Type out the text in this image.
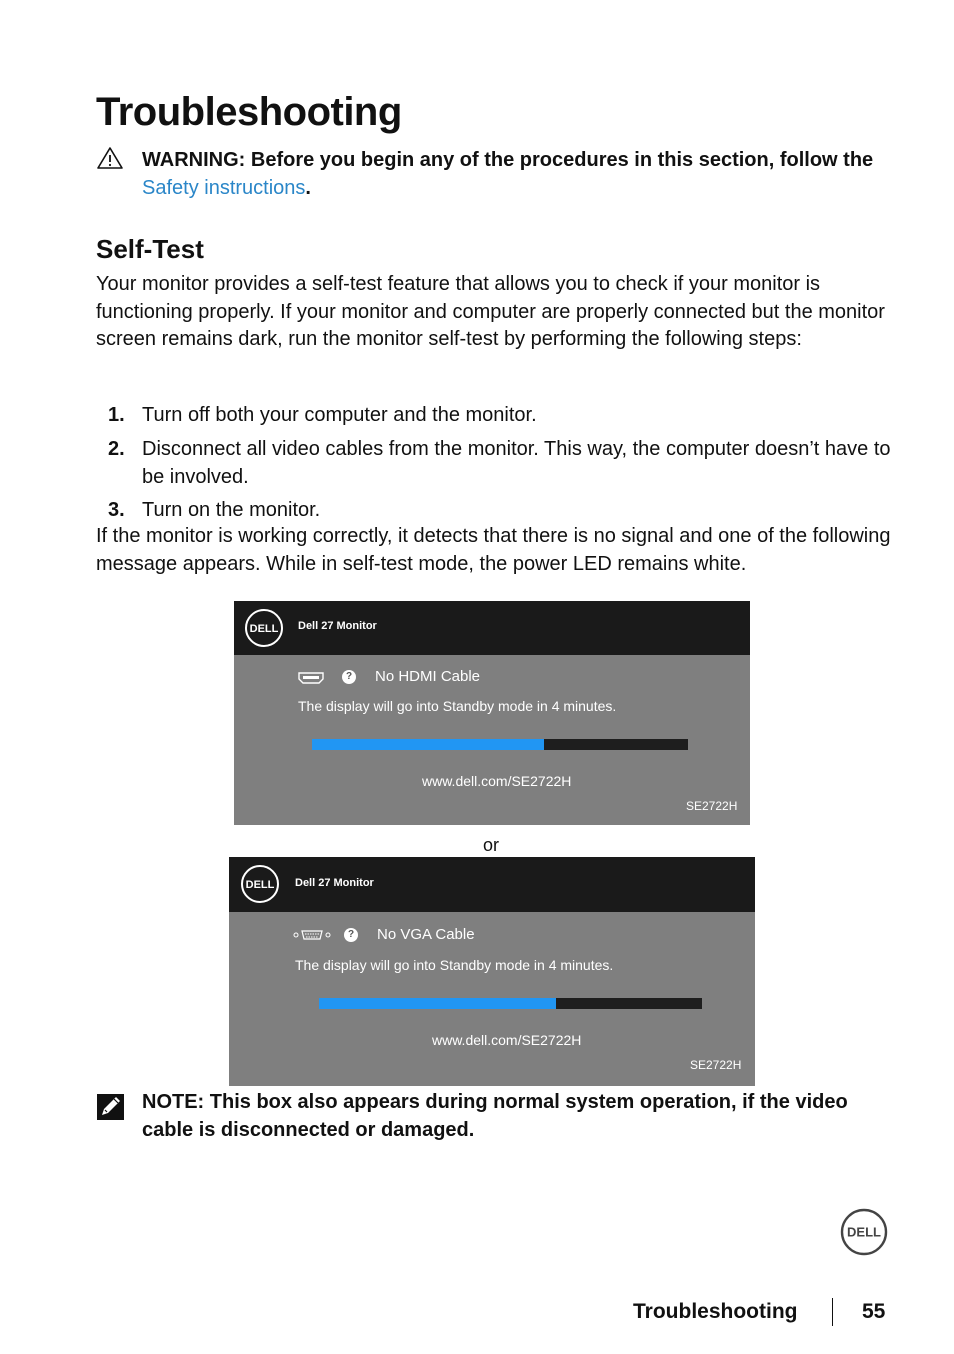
Troubleshooting
WARNING: Before you begin any of the procedures in this section, follow the Safety instructions.
Self-Test
Your monitor provides a self-test feature that allows you to check if your monitor is functioning properly. If your monitor and computer are properly connected but the monitor screen remains dark, run the monitor self-test by performing the following steps:
1. Turn off both your computer and the monitor.
2. Disconnect all video cables from the monitor. This way, the computer doesn’t have to be involved.
3. Turn on the monitor.
If the monitor is working correctly, it detects that there is no signal and one of the following message appears. While in self-test mode, the power LED remains white.
DELL Dell 27 Monitor
? No HDMI Cable
The display will go into Standby mode in 4 minutes.
www.dell.com/SE2722H
SE2722H
or
DELL Dell 27 Monitor
? No VGA Cable
The display will go into Standby mode in 4 minutes.
www.dell.com/SE2722H
SE2722H
NOTE: This box also appears during normal system operation, if the video cable is disconnected or damaged.
DELL
Troubleshooting	55
